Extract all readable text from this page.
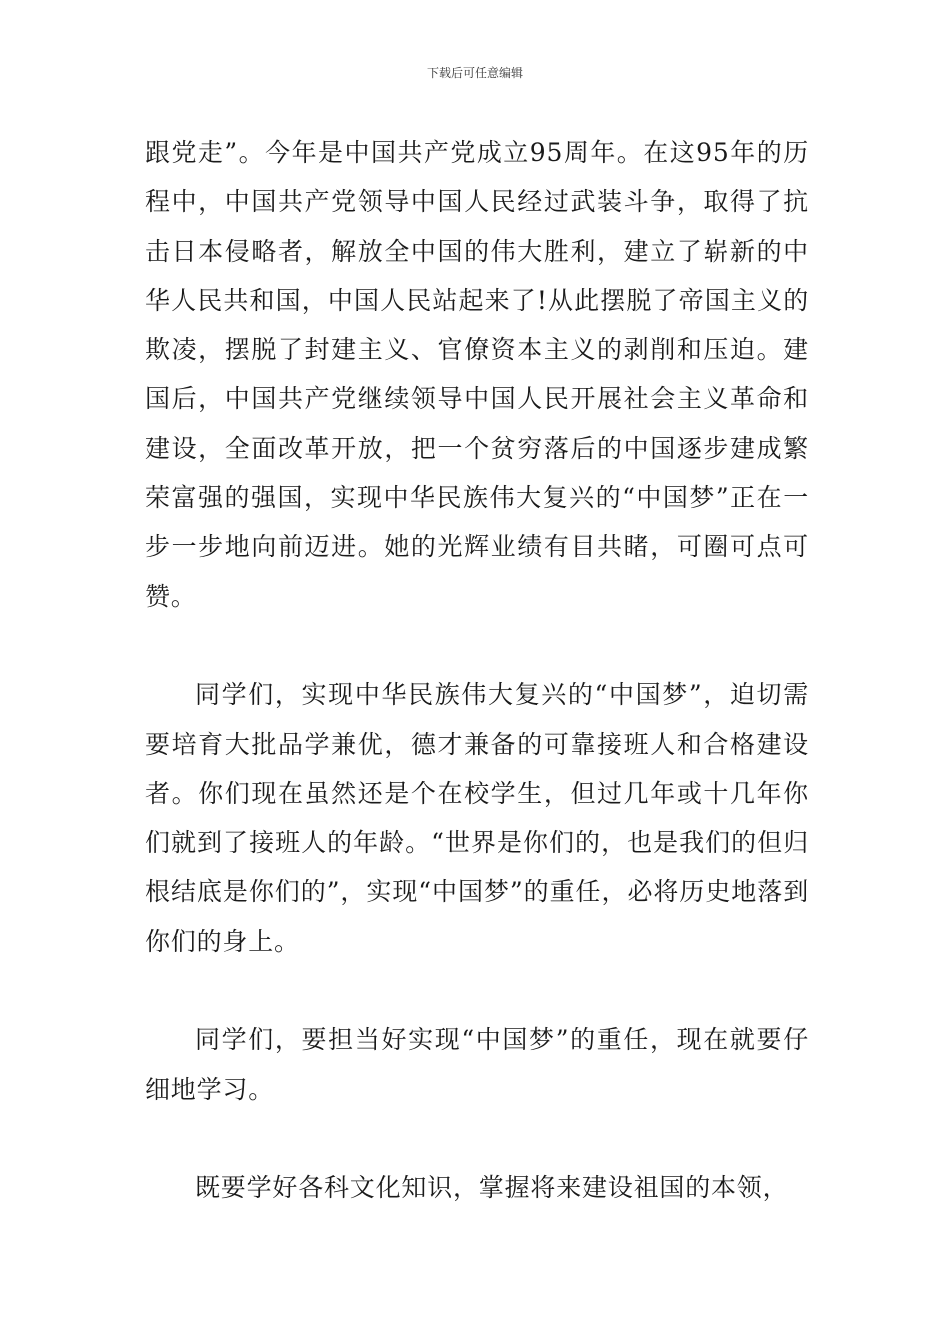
下载后可任意编辑

跟党走”。今年是中国共产党成立95周年。在这95年的历程中，中国共产党领导中国人民经过武装斗争，取得了抗击日本侵略者，解放全中国的伟大胜利，建立了崭新的中华人民共和国，中国人民站起来了!从此摆脱了帝国主义的欺凌，摆脱了封建主义、官僚资本主义的剥削和压迫。建国后，中国共产党继续领导中国人民开展社会主义革命和建设，全面改革开放，把一个贫穷落后的中国逐步建成繁荣富强的强国，实现中华民族伟大复兴的“中国梦”正在一步一步地向前迈进。她的光辉业绩有目共睹，可圈可点可赞。

同学们，实现中华民族伟大复兴的“中国梦”，迫切需要培育大批品学兼优，德才兼备的可靠接班人和合格建设者。你们现在虽然还是个在校学生，但过几年或十几年你们就到了接班人的年龄。“世界是你们的，也是我们的但归根结底是你们的”，实现“中国梦”的重任，必将历史地落到你们的身上。

同学们，要担当好实现“中国梦”的重任，现在就要仔细地学习。

既要学好各科文化知识，掌握将来建设祖国的本领，
